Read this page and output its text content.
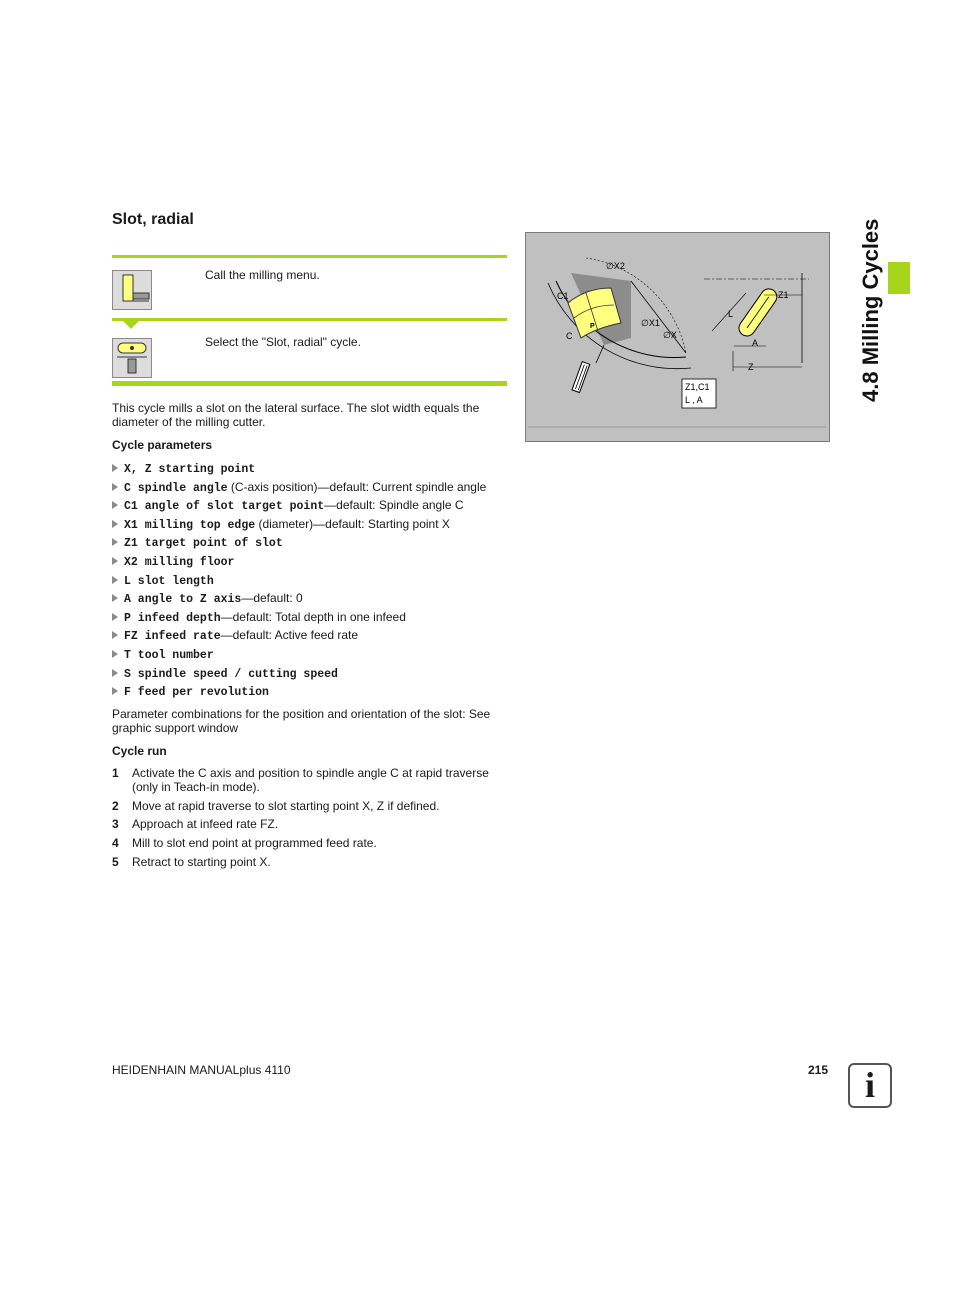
Slot, radial
Call the milling menu.
Select the "Slot, radial" cycle.
This cycle mills a slot on the lateral surface. The slot width equals the diameter of the milling cutter.
Cycle parameters
X, Z starting point
C spindle angle (C-axis position)—default: Current spindle angle
C1 angle of slot target point—default: Spindle angle C
X1 milling top edge (diameter)—default: Starting point X
Z1 target point of slot
X2 milling floor
L slot length
A angle to Z axis—default: 0
P infeed depth—default: Total depth in one infeed
FZ infeed rate—default: Active feed rate
T tool number
S spindle speed / cutting speed
F feed per revolution
Parameter combinations for the position and orientation of the slot: See graphic support window
Cycle run
1 Activate the C axis and position to spindle angle C at rapid traverse (only in Teach-in mode).
2 Move at rapid traverse to slot starting point X, Z if defined.
3 Approach at infeed rate FZ.
4 Mill to slot end point at programmed feed rate.
5 Retract to starting point X.
∅X2
C1
P	∅X1
∅X
C
L
Z1
A
Z
Z1,C1
L , A	4.8 Milling Cycles
HEIDENHAIN MANUALplus 4110	215	i
